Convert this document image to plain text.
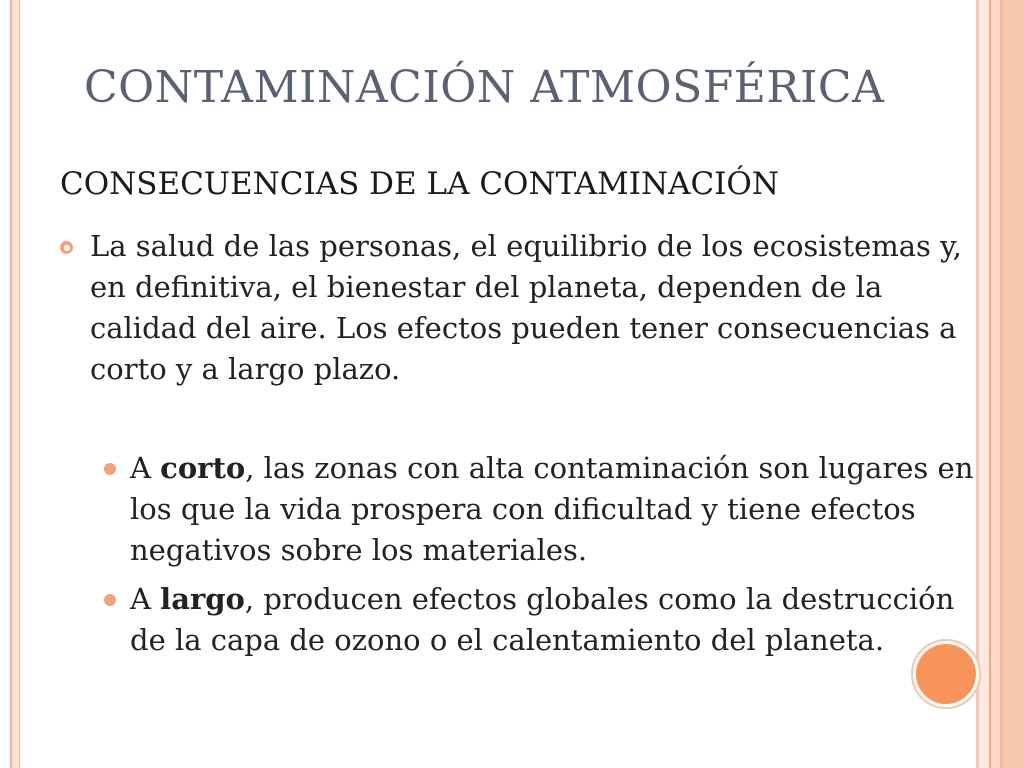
CONTAMINACIÓN ATMOSFÉRICA
CONSECUENCIAS DE LA CONTAMINACIÓN
La salud de las personas, el equilibrio de los ecosistemas y, en definitiva, el bienestar del planeta, dependen de la calidad del aire. Los efectos pueden tener consecuencias a corto y a largo plazo.
A corto, las zonas con alta contaminación son lugares en los que la vida prospera con dificultad y tiene efectos negativos sobre los materiales.
A largo, producen efectos globales como la destrucción de la capa de ozono o el calentamiento del planeta.
